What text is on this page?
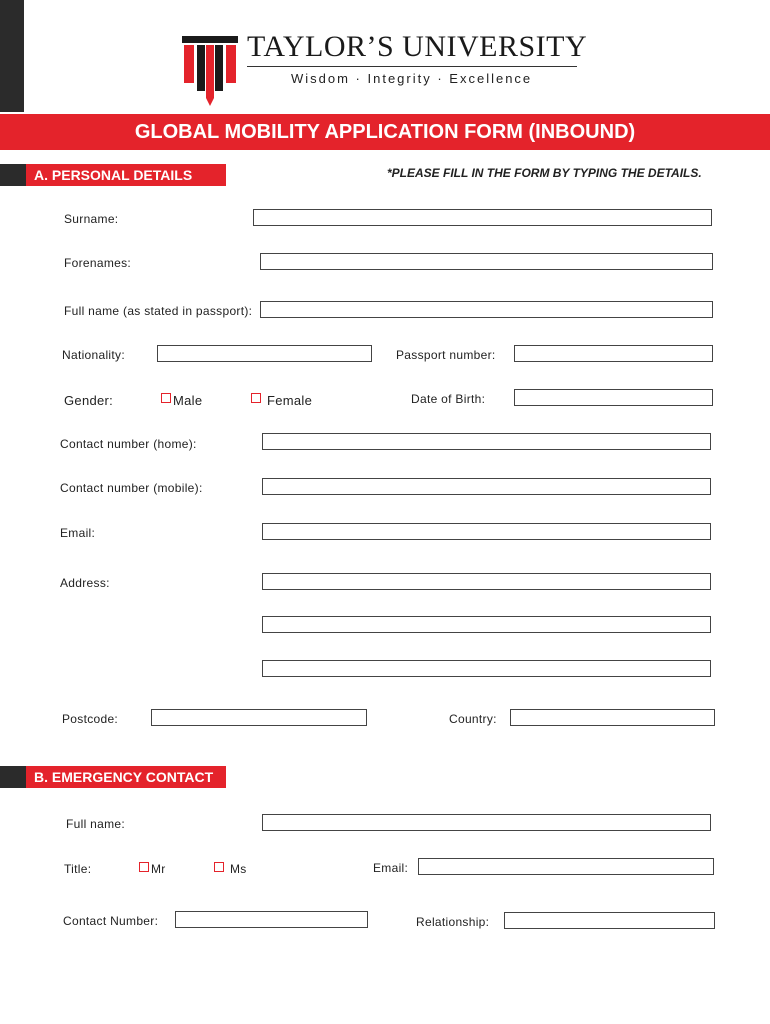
TAYLOR’S UNIVERSITY
Wisdom · Integrity · Excellence
GLOBAL MOBILITY APPLICATION FORM (INBOUND)
A. PERSONAL DETAILS	*PLEASE FILL IN THE FORM BY TYPING THE DETAILS.
Surname:
Forenames:
Full name (as stated in passport):
Nationality:	Passport number:
Gender:	Male	Female	Date of Birth:
Contact number (home):
Contact number (mobile):
Email:
Address:
Postcode:	Country:
B. EMERGENCY CONTACT
Full name:
Title:	Mr	Ms	Email:
Contact Number:	Relationship:
